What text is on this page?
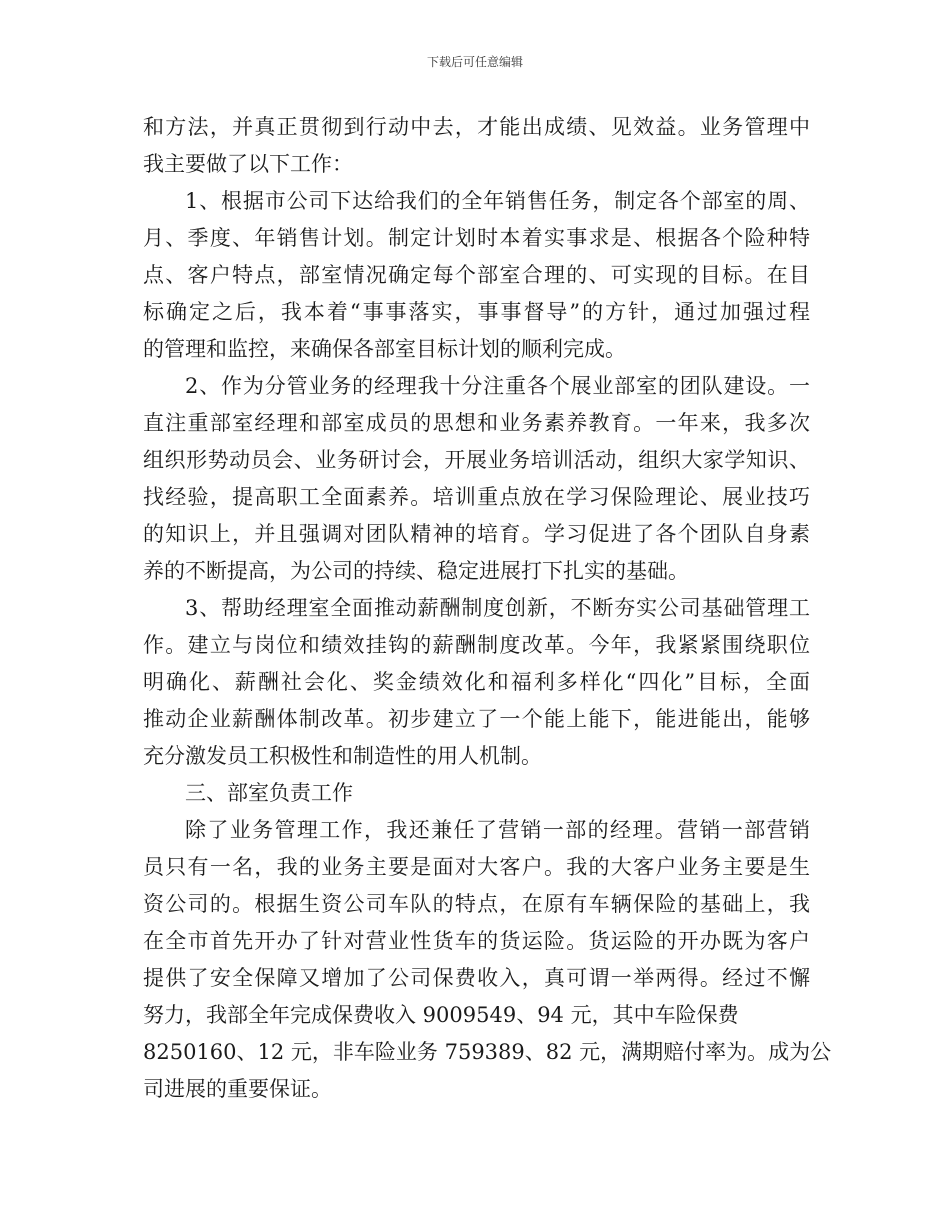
下载后可任意编辑
和方法，并真正贯彻到行动中去，才能出成绩、见效益。业务管理中
我主要做了以下工作：
1、根据市公司下达给我们的全年销售任务，制定各个部室的周、
月、季度、年销售计划。制定计划时本着实事求是、根据各个险种特
点、客户特点，部室情况确定每个部室合理的、可实现的目标。在目
标确定之后，我本着“事事落实，事事督导”的方针，通过加强过程
的管理和监控，来确保各部室目标计划的顺利完成。
2、作为分管业务的经理我十分注重各个展业部室的团队建设。一
直注重部室经理和部室成员的思想和业务素养教育。一年来，我多次
组织形势动员会、业务研讨会，开展业务培训活动，组织大家学知识、
找经验，提高职工全面素养。培训重点放在学习保险理论、展业技巧
的知识上，并且强调对团队精神的培育。学习促进了各个团队自身素
养的不断提高，为公司的持续、稳定进展打下扎实的基础。
3、帮助经理室全面推动薪酬制度创新，不断夯实公司基础管理工
作。建立与岗位和绩效挂钩的薪酬制度改革。今年，我紧紧围绕职位
明确化、薪酬社会化、奖金绩效化和福利多样化“四化”目标，全面
推动企业薪酬体制改革。初步建立了一个能上能下，能进能出，能够
充分激发员工积极性和制造性的用人机制。
三、部室负责工作
除了业务管理工作，我还兼任了营销一部的经理。营销一部营销
员只有一名，我的业务主要是面对大客户。我的大客户业务主要是生
资公司的。根据生资公司车队的特点，在原有车辆保险的基础上，我
在全市首先开办了针对营业性货车的货运险。货运险的开办既为客户
提供了安全保障又增加了公司保费收入，真可谓一举两得。经过不懈
努力，我部全年完成保费收入 9009549、94 元，其中车险保费
8250160、12 元，非车险业务 759389、82 元，满期赔付率为。成为公
司进展的重要保证。
